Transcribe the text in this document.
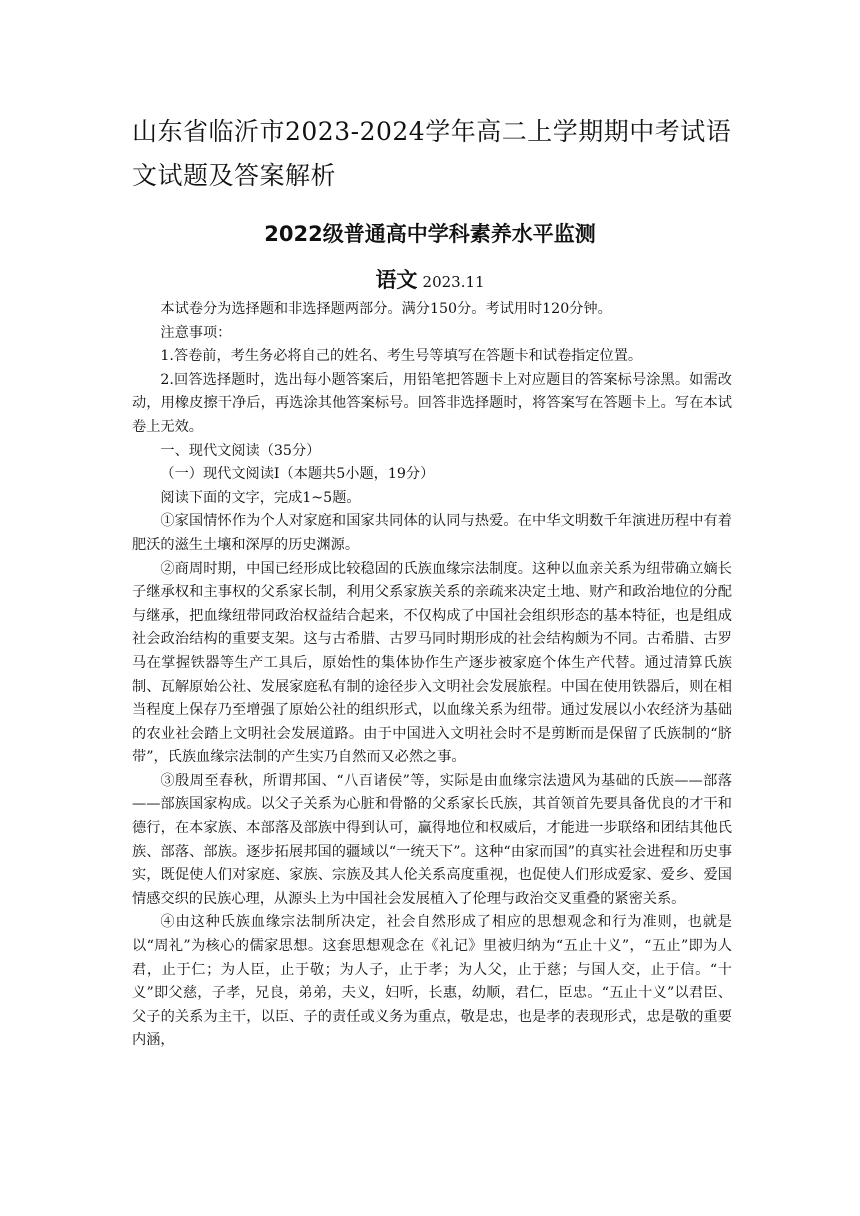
山东省临沂市2023-2024学年高二上学期期中考试语文试题及答案解析
2022级普通高中学科素养水平监测
语文 2023.11

本试卷分为选择题和非选择题两部分。满分150分。考试用时120分钟。

注意事项：

1.答卷前，考生务必将自己的姓名、考生号等填写在答题卡和试卷指定位置。

2.回答选择题时，选出每小题答案后，用铅笔把答题卡上对应题目的答案标号涂黑。如需改动，用橡皮擦干净后，再选涂其他答案标号。回答非选择题时，将答案写在答题卡上。写在本试卷上无效。

一、现代文阅读（35分）

（一）现代文阅读Ⅰ（本题共5小题，19分）

阅读下面的文字，完成1~5题。

①家国情怀作为个人对家庭和国家共同体的认同与热爱。在中华文明数千年演进历程中有着肥沃的滋生土壤和深厚的历史渊源。

②商周时期，中国已经形成比较稳固的氏族血缘宗法制度。这种以血亲关系为纽带确立嫡长子继承权和主事权的父系家长制，利用父系家族关系的亲疏来决定土地、财产和政治地位的分配与继承，把血缘纽带同政治权益结合起来，不仅构成了中国社会组织形态的基本特征，也是组成社会政治结构的重要支架。这与古希腊、古罗马同时期形成的社会结构颇为不同。古希腊、古罗马在掌握铁器等生产工具后，原始性的集体协作生产逐步被家庭个体生产代替。通过清算氏族制、瓦解原始公社、发展家庭私有制的途径步入文明社会发展旅程。中国在使用铁器后，则在相当程度上保存乃至增强了原始公社的组织形式，以血缘关系为纽带。通过发展以小农经济为基础的农业社会踏上文明社会发展道路。由于中国进入文明社会时不是剪断而是保留了氏族制的“脐带”，氏族血缘宗法制的产生实乃自然而又必然之事。

③殷周至春秋，所谓邦国、“八百诸侯”等，实际是由血缘宗法遗风为基础的氏族——部落——部族国家构成。以父子关系为心脏和骨骼的父系家长氏族，其首领首先要具备优良的才干和德行，在本家族、本部落及部族中得到认可，赢得地位和权威后，才能进一步联络和团结其他氏族、部落、部族。逐步拓展邦国的疆域以“一统天下”。这种“由家而国”的真实社会进程和历史事实，既促使人们对家庭、家族、宗族及其人伦关系高度重视，也促使人们形成爱家、爱乡、爱国情感交织的民族心理，从源头上为中国社会发展植入了伦理与政治交叉重叠的紧密关系。

④由这种氏族血缘宗法制所决定，社会自然形成了相应的思想观念和行为准则，也就是以“周礼”为核心的儒家思想。这套思想观念在《礼记》里被归纳为“五止十义”，“五止”即为人君，止于仁；为人臣，止于敬；为人子，止于孝；为人父，止于慈；与国人交，止于信。“十义”即父慈，子孝，兄良，弟弟，夫义，妇听，长惠，幼顺，君仁，臣忠。“五止十义”以君臣、父子的关系为主干，以臣、子的责任或义务为重点，敬是忠，也是孝的表现形式，忠是敬的重要内涵，
